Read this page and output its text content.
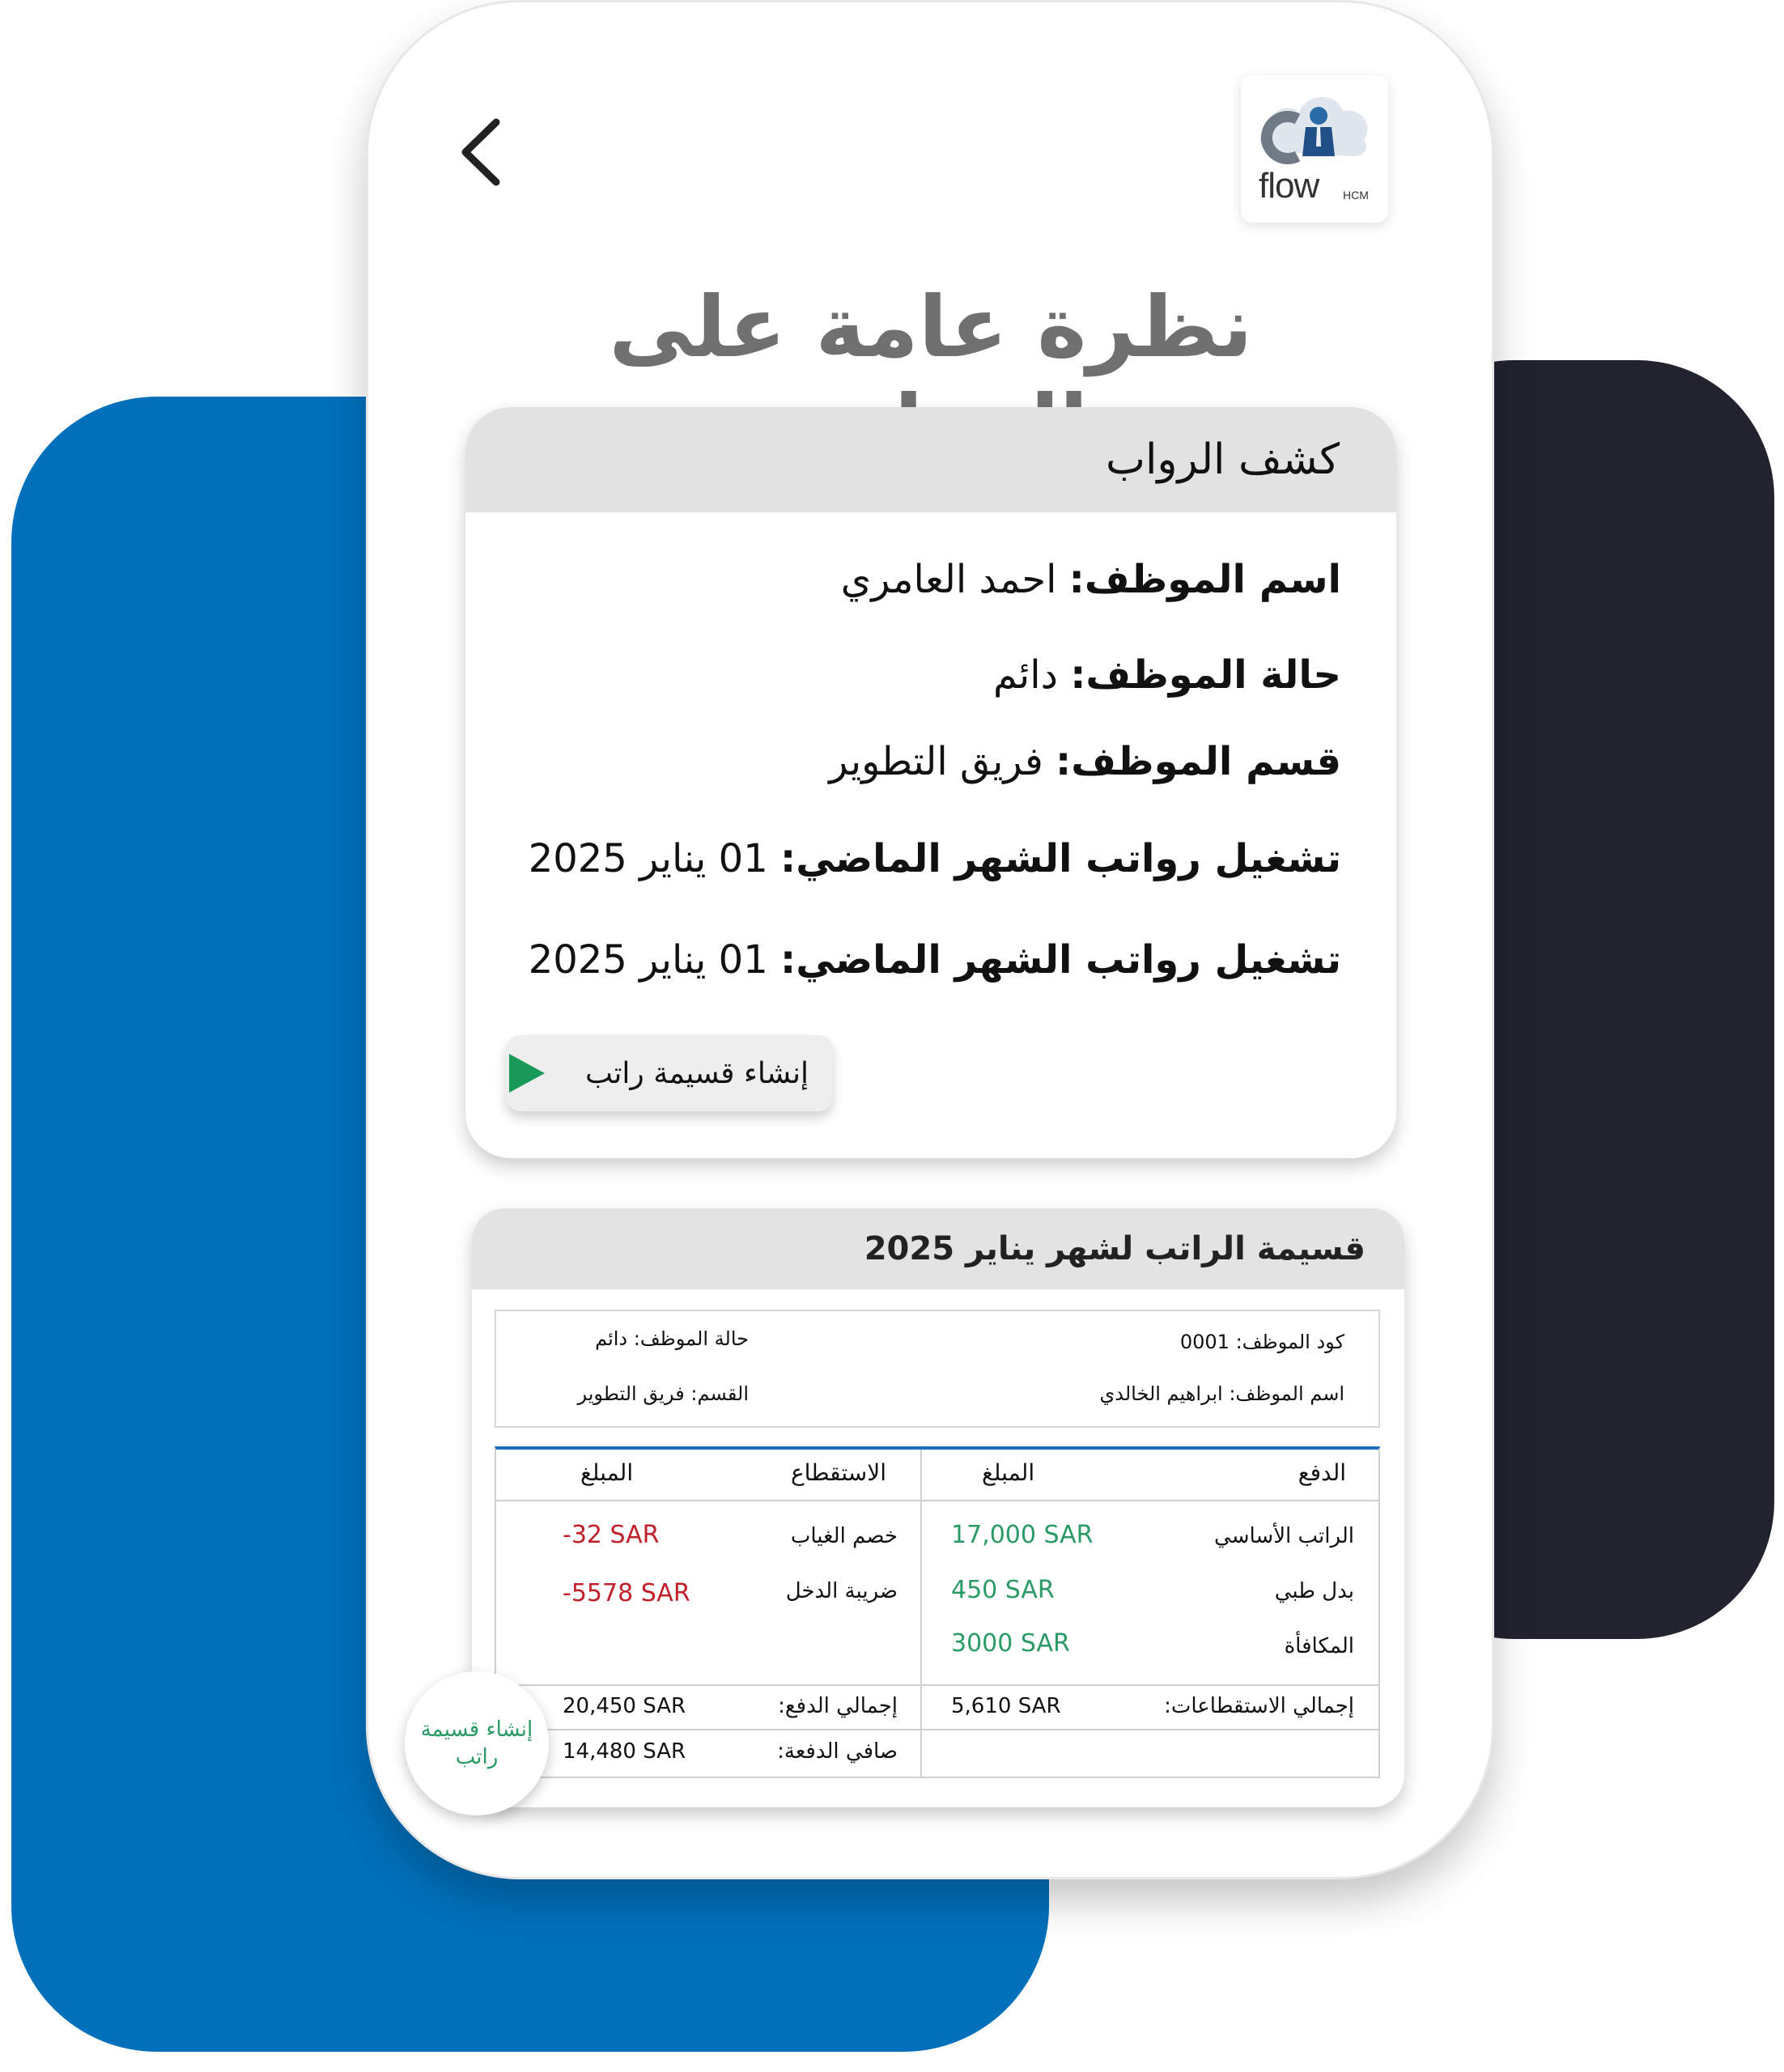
flow HCM
نظرة عامة على
كشف الرواب
اسم الموظف: احمد العامري
حالة الموظف: دائم
قسم الموظف: فريق التطوير
تشغيل رواتب الشهر الماضي: 01 يناير 2025
تشغيل رواتب الشهر الماضي: 01 يناير 2025
إنشاء قسيمة راتب
قسيمة الراتب لشهر يناير 2025
كود الموظف: 0001
اسم الموظف: ابراهيم الخالدي
حالة الموظف: دائم
القسم: فريق التطوير
الدفع
المبلغ
الاستقطاع
المبلغ
الراتب الأساسي
17,000 SAR
بدل طبي
450 SAR
المكافأة
3000 SAR
خصم الغياب
-32 SAR
ضريبة الدخل
-5578 SAR
إجمالي الاستقطاعات:
5,610 SAR
إجمالي الدفع:
20,450 SAR
صافي الدفعة:
14,480 SAR
إنشاء قسيمة راتب
